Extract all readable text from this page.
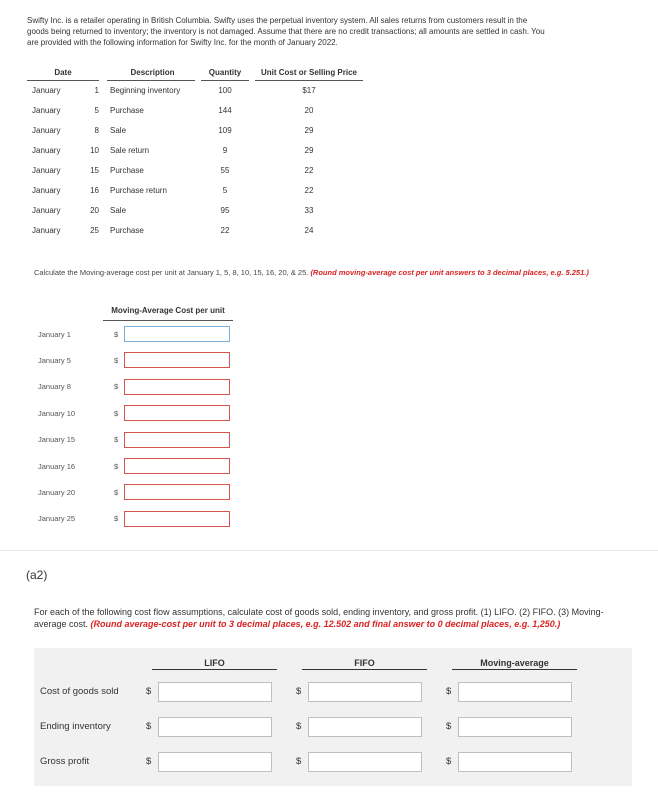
Swifty Inc. is a retailer operating in British Columbia. Swifty uses the perpetual inventory system. All sales returns from customers result in the goods being returned to inventory; the inventory is not damaged. Assume that there are no credit transactions; all amounts are settled in cash. You are provided with the following information for Swifty Inc. for the month of January 2022.
Date			Description		Quantity		Unit Cost or Selling Price
January	1		Beginning inventory		100		$17
January	5		Purchase		144		20
January	8		Sale		109		29
January	10		Sale return		9		29
January	15		Purchase		55		22
January	16		Purchase return		5		22
January	20		Sale		95		33
January	25		Purchase		22		24
Calculate the Moving-average cost per unit at January 1, 5, 8, 10, 15, 16, 20, & 25. (Round moving-average cost per unit answers to 3 decimal places, e.g. 5.251.)
Moving-Average Cost per unit
January 1	$
January 5	$
January 8	$
January 10	$
January 15	$
January 16	$
January 20	$
January 25	$
(a2)
For each of the following cost flow assumptions, calculate cost of goods sold, ending inventory, and gross profit. (1) LIFO. (2) FIFO. (3) Moving-average cost. (Round average-cost per unit to 3 decimal places, e.g. 12.502 and final answer to 0 decimal places, e.g. 1,250.)
LIFO	FIFO	Moving-average
Cost of goods sold	$	$	$
Ending inventory	$	$	$
Gross profit	$	$	$
